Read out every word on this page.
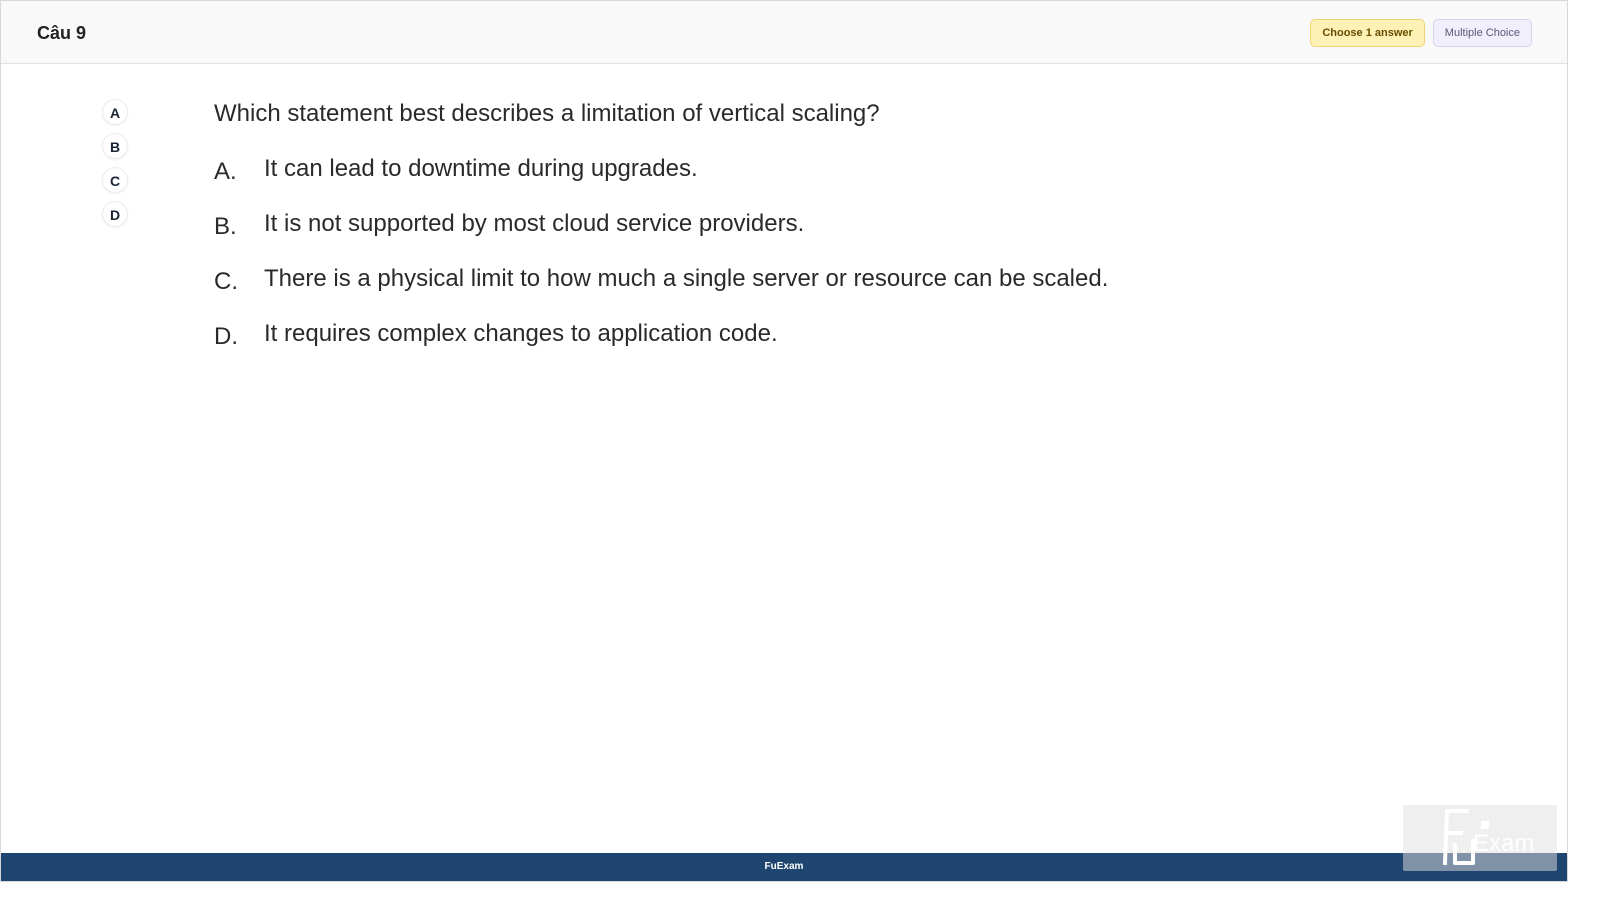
Câu 9	Choose 1 answer	Multiple Choice
A
B
C
D
Which statement best describes a limitation of vertical scaling?
A. It can lead to downtime during upgrades.
B. It is not supported by most cloud service providers.
C. There is a physical limit to how much a single server or resource can be scaled.
D. It requires complex changes to application code.
FuExam
Exam
